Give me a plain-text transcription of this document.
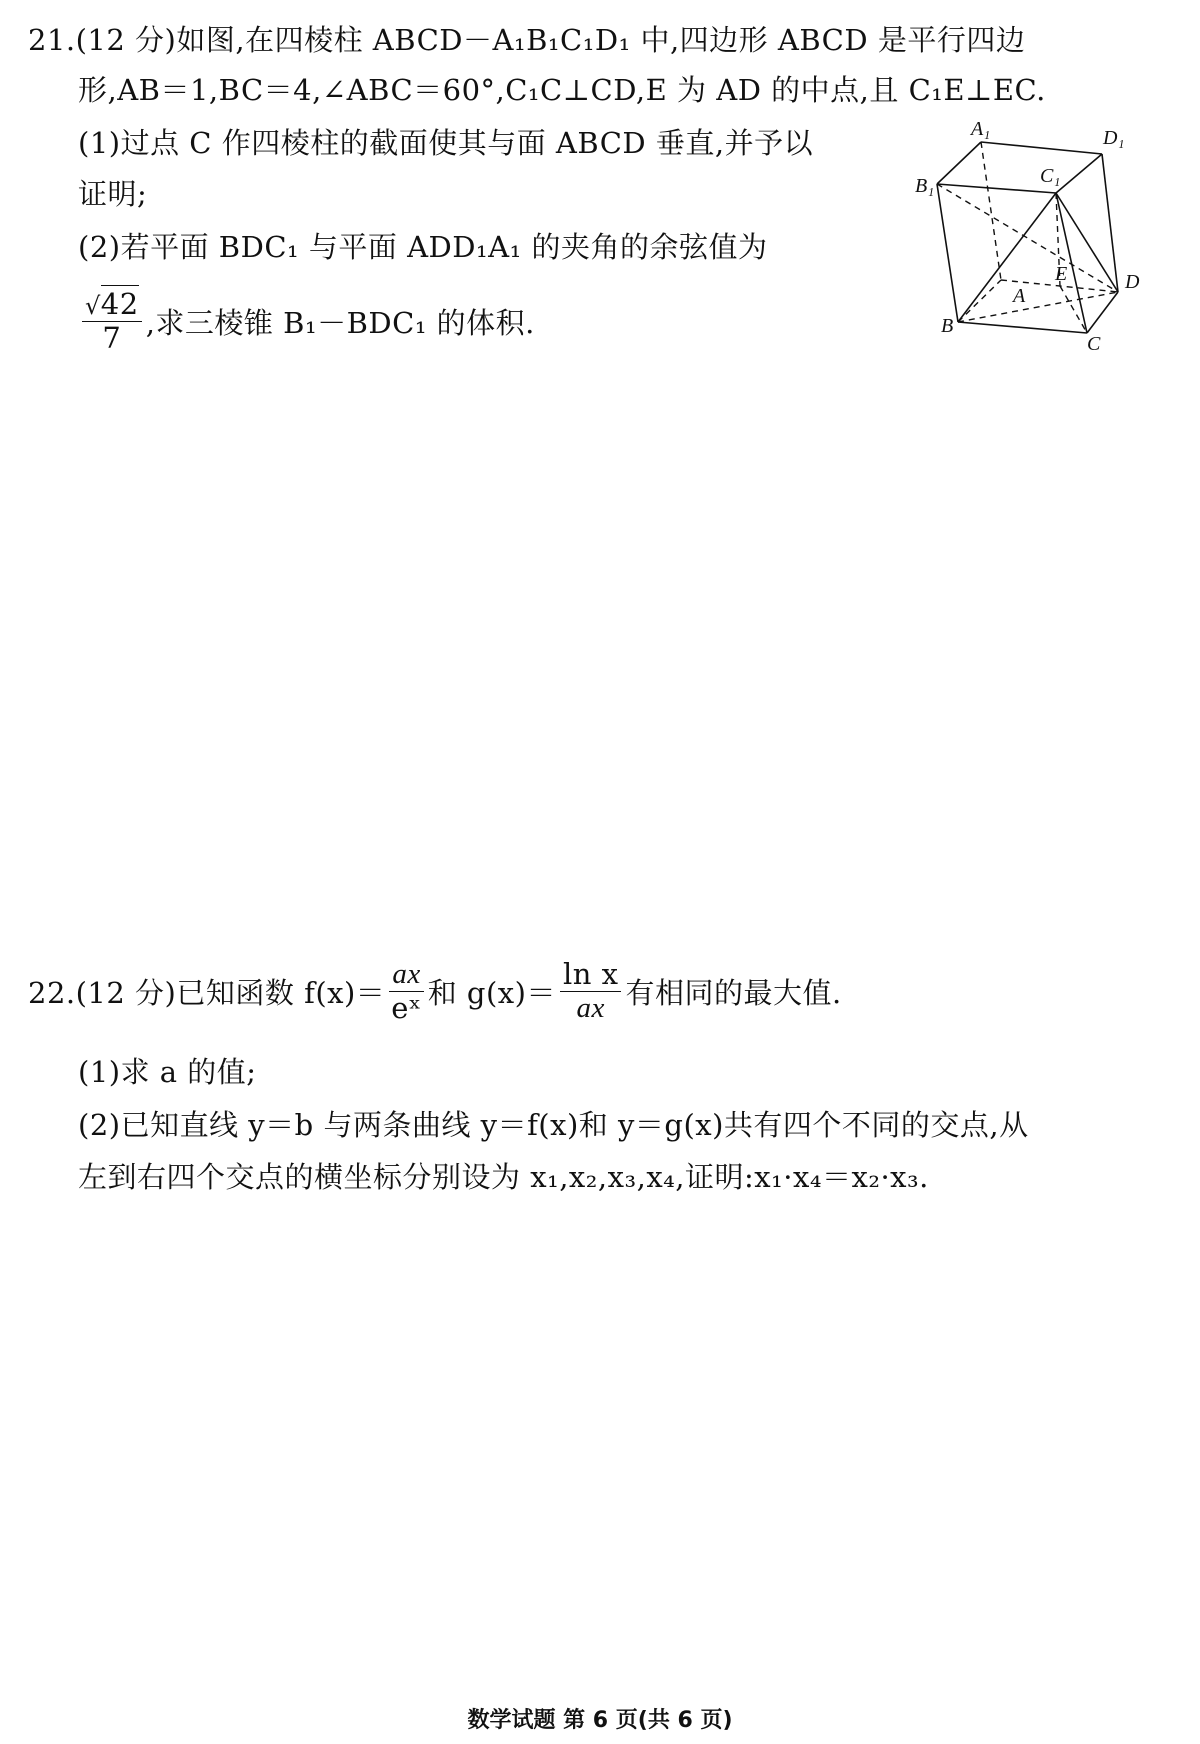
21.(12 分)如图,在四棱柱 ABCD－A₁B₁C₁D₁ 中,四边形 ABCD 是平行四边
形,AB＝1,BC＝4,∠ABC＝60°,C₁C⊥CD,E 为 AD 的中点,且 C₁E⊥EC.
(1)过点 C 作四棱柱的截面使其与面 ABCD 垂直,并予以
证明;
(2)若平面 BDC₁ 与平面 ADD₁A₁ 的夹角的余弦值为
$\frac{√42}{7}$ ,求三棱锥 B₁－BDC₁ 的体积.
A₁	D₁
B₁	C₁
E	D
A
B
C
22.(12 分)已知函数 $f(x)= \frac{ax}{\text{eˣ}}$ 和 $g(x)= \frac{\text{ln x}}{ax}$ 有相同的最大值.
(1)求 a 的值;
(2)已知直线 y＝b 与两条曲线 y＝f(x)和 y＝g(x)共有四个不同的交点,从
左到右四个交点的横坐标分别设为 x₁,x₂,x₃,x₄,证明:x₁·x₄＝x₂·x₃.
数学试题 第 6 页(共 6 页)
